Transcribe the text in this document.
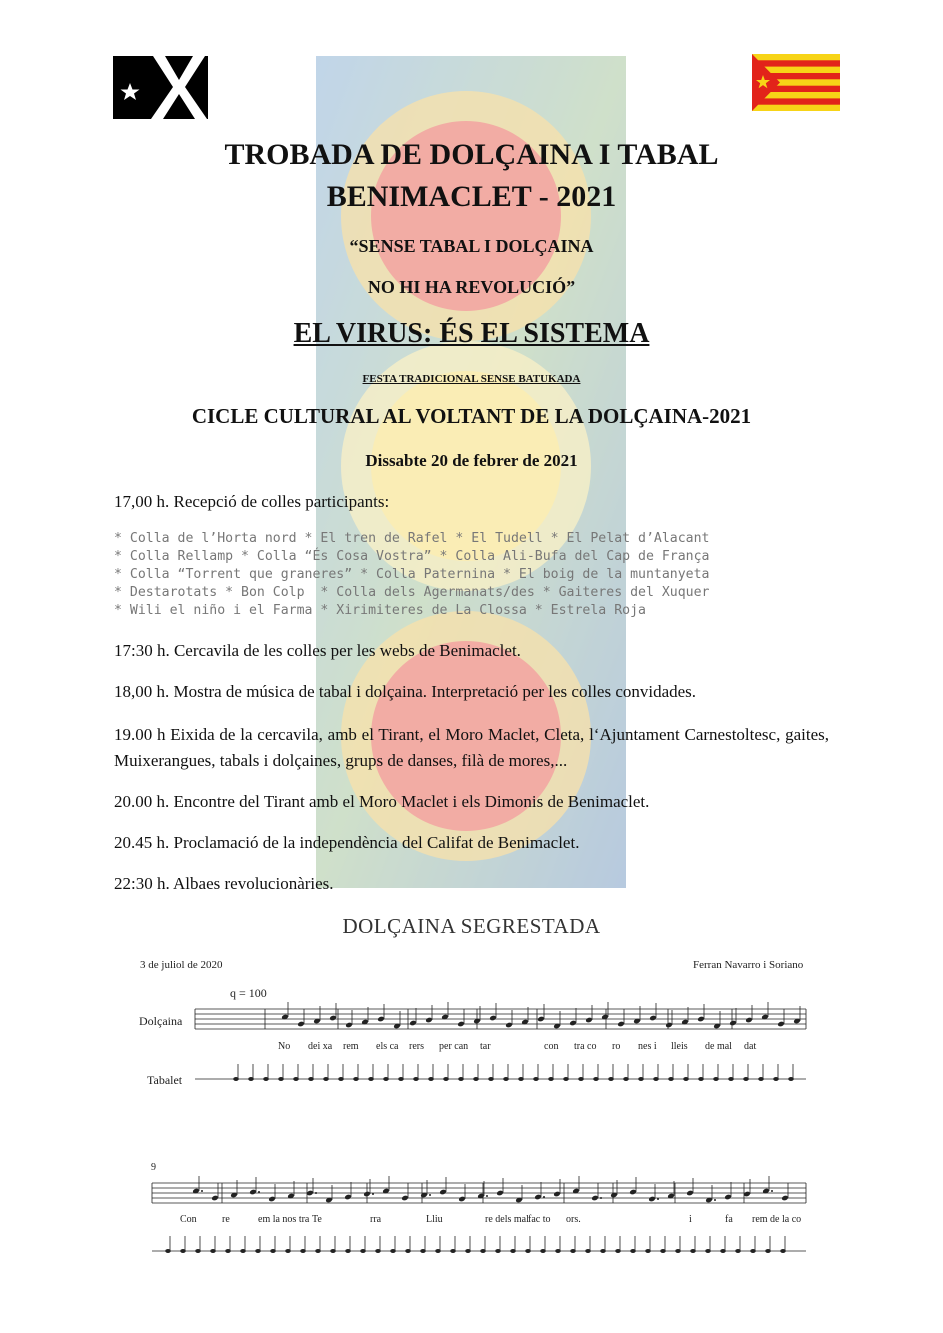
TROBADA DE DOLÇAINA I TABAL
BENIMACLET - 2021
“SENSE TABAL I DOLÇAINA
NO HI HA REVOLUCIÓ”
EL VIRUS: ÉS EL SISTEMA
FESTA TRADICIONAL SENSE BATUKADA
CICLE CULTURAL AL VOLTANT DE LA DOLÇAINA-2021
Dissabte 20 de febrer de 2021
17,00 h. Recepció de colles participants:
* Colla de l’Horta nord * El tren de Rafel * El Tudell * El Pelat d’Alacant
* Colla Rellamp * Colla “És Cosa Vostra” * Colla Ali-Bufa del Cap de França
* Colla “Torrent que graneres” * Colla Paternina * El boig de la muntanyeta
* Destarotats * Bon Colp  * Colla dels Agermanats/des * Gaiteres del Xuquer
* Wili el niño i el Farma * Xirimiteres de La Clossa * Estrela Roja
17:30 h. Cercavila de les colles per les webs de Benimaclet.
18,00 h. Mostra de música de tabal i dolçaina. Interpretació per les colles convidades.
19.00 h Eixida de la cercavila, amb el Tirant, el Moro Maclet, Cleta, l‘Ajuntament Carnestoltesc, gaites, Muixerangues, tabals i dolçaines, grups de danses, filà de mores,...
20.00 h. Encontre del Tirant amb el Moro Maclet i els Dimonis de Benimaclet.
20.45 h. Proclamació de la independència del Califat de Benimaclet.
22:30 h. Albaes revolucionàries.
DOLÇAINA SEGRESTADA
3 de juliol de 2020	Ferran Navarro i Soriano
q = 100
Dolçaina
Tabalet
9
No dei xa rem els ca rers per can tar	con tra co ro nes i lleis de mal dat
Con	re	em la nos tra Te	rra	Lliu	re dels mal fac to ors.	i	fa rem de la co
